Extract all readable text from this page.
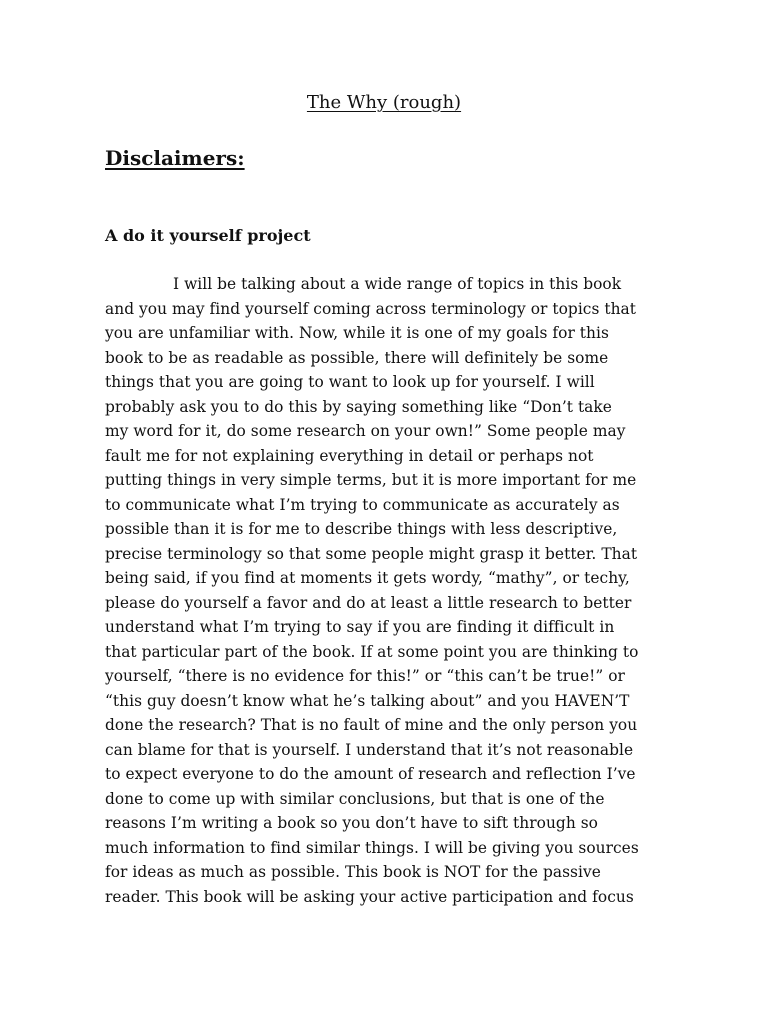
The Why (rough)
Disclaimers:
A do it yourself project
I will be talking about a wide range of topics in this book
and you may find yourself coming across terminology or topics that
you are unfamiliar with. Now, while it is one of my goals for this
book to be as readable as possible, there will definitely be some
things that you are going to want to look up for yourself. I will
probably ask you to do this by saying something like “Don’t take
my word for it, do some research on your own!” Some people may
fault me for not explaining everything in detail or perhaps not
putting things in very simple terms, but it is more important for me
to communicate what I’m trying to communicate as accurately as
possible than it is for me to describe things with less descriptive,
precise terminology so that some people might grasp it better. That
being said, if you find at moments it gets wordy, “mathy”, or techy,
please do yourself a favor and do at least a little research to better
understand what I’m trying to say if you are finding it difficult in
that particular part of the book. If at some point you are thinking to
yourself, “there is no evidence for this!” or “this can’t be true!” or
“this guy doesn’t know what he’s talking about” and you HAVEN’T
done the research? That is no fault of mine and the only person you
can blame for that is yourself. I understand that it’s not reasonable
to expect everyone to do the amount of research and reflection I’ve
done to come up with similar conclusions, but that is one of the
reasons I’m writing a book so you don’t have to sift through so
much information to find similar things. I will be giving you sources
for ideas as much as possible. This book is NOT for the passive
reader. This book will be asking your active participation and focus
